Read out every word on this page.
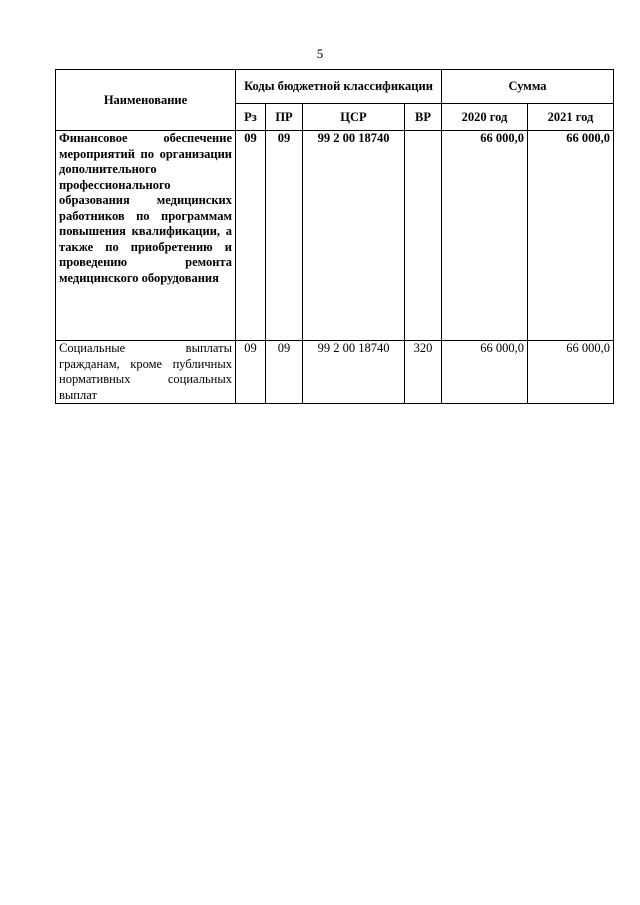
5
Наименование	Коды бюджетной классификации				Сумма	
	Рз	ПР	ЦСР	ВР	2020 год	2021 год
Финансовое обеспечение мероприятий по организации дополнительного профессионального образования медицинских работников по программам повышения квалификации, а также по приобретению и проведению ремонта медицинского оборудования	09	09	99 2 00 18740		66 000,0	66 000,0
Социальные выплаты гражданам, кроме публичных нормативных социальных выплат	09	09	99 2 00 18740	320	66 000,0	66 000,0
